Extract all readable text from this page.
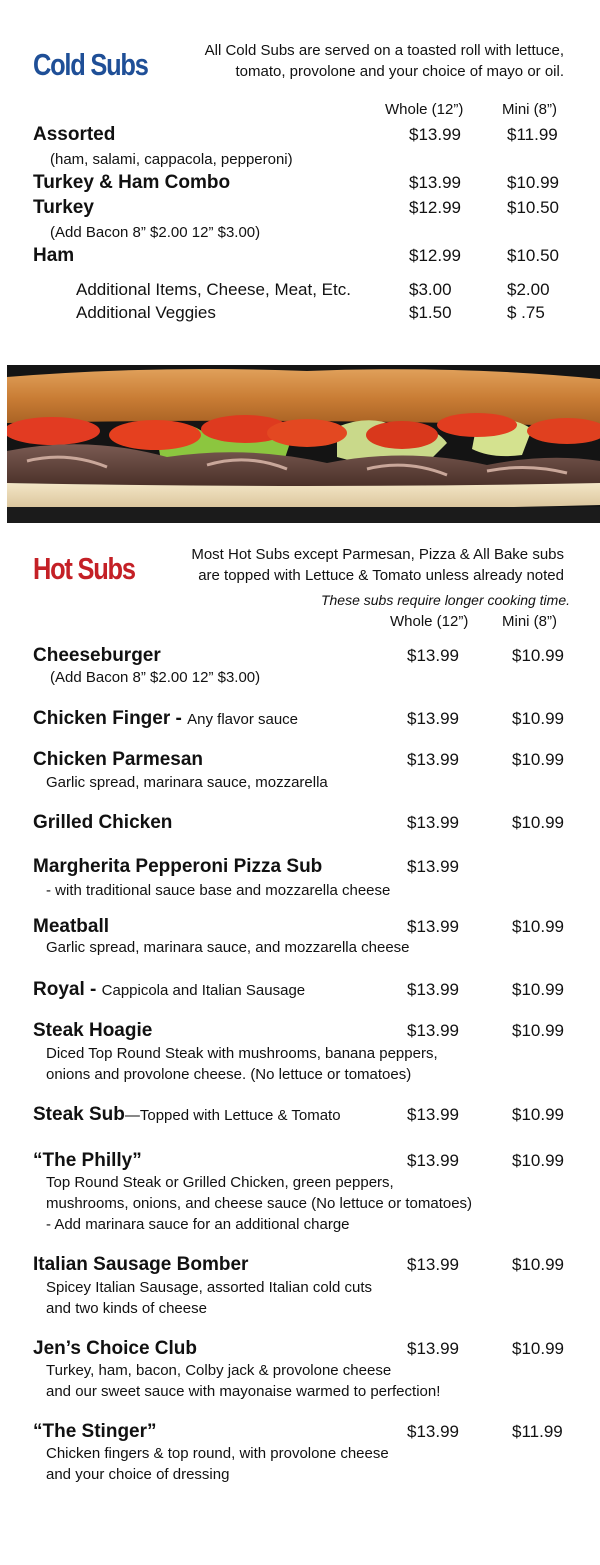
Cold Subs	All Cold Subs are served on a toasted roll with lettuce,
tomato, provolone and your choice of mayo or oil.
Whole (12”)	Mini (8”)
Assorted	$13.99	$11.99
(ham, salami, cappacola, pepperoni)
Turkey & Ham Combo	$13.99	$10.99
Turkey	$12.99	$10.50
(Add Bacon 8” $2.00 12” $3.00)
Ham	$12.99	$10.50
Additional Items, Cheese, Meat, Etc.	$3.00	$2.00
Additional Veggies	$1.50	$ .75
Hot Subs	Most Hot Subs except Parmesan, Pizza & All Bake subs
are topped with Lettuce & Tomato unless already noted
These subs require longer cooking time.
Whole (12”) Mini (8”)
Cheeseburger	$13.99	$10.99
(Add Bacon 8” $2.00 12” $3.00)
Chicken Finger - Any flavor sauce	$13.99	$10.99
Chicken Parmesan	$13.99	$10.99
Garlic spread, marinara sauce, mozzarella
Grilled Chicken	$13.99	$10.99
Margherita Pepperoni Pizza Sub	$13.99
- with traditional sauce base and mozzarella cheese
Meatball	$13.99	$10.99
Garlic spread, marinara sauce, and mozzarella cheese
Royal - Cappicola and Italian Sausage	$13.99	$10.99
Steak Hoagie	$13.99	$10.99
Diced Top Round Steak with mushrooms, banana peppers,
onions and provolone cheese. (No lettuce or tomatoes)
Steak Sub—Topped with Lettuce & Tomato	$13.99	$10.99
“The Philly”	$13.99	$10.99
Top Round Steak or Grilled Chicken, green peppers,
mushrooms, onions, and cheese sauce (No lettuce or tomatoes)
- Add marinara sauce for an additional charge
Italian Sausage Bomber	$13.99	$10.99
Spicey Italian Sausage, assorted Italian cold cuts
and two kinds of cheese
Jen’s Choice Club	$13.99	$10.99
Turkey, ham, bacon, Colby jack & provolone cheese
and our sweet sauce with mayonaise warmed to perfection!
“The Stinger”	$13.99	$11.99
Chicken fingers & top round, with provolone cheese
and your choice of dressing
